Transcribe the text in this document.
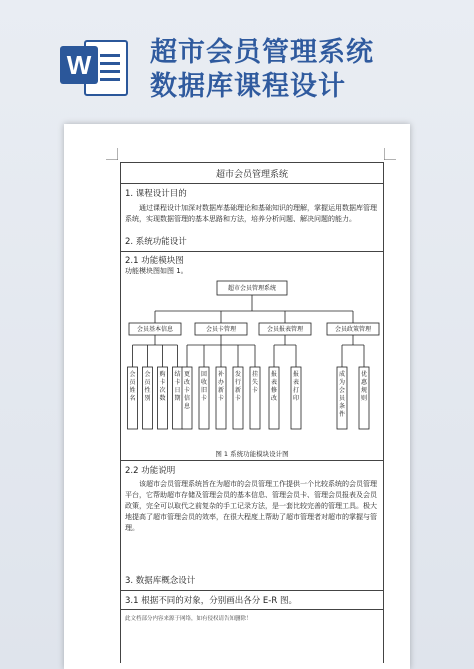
W 超市会员管理系统
数据库课程设计
超市会员管理系统
1. 课程设计目的
通过课程设计加深对数据库基础理论和基础知识的理解，掌握运用数据库管理系统，实现数据管理的基本思路和方法，培养分析问题、解决问题的能力。
2. 系统功能设计
2.1 功能模块图
功能模块图如图 1。
超市会员管理系统
会员基本信息
会员姓名
会员性别
购卡次数
结卡日期
会员卡管理
更改卡信息
回收旧卡
补办新卡
发行新卡
挂失卡
会员报表管理
报表修改
报表打印
会员政策管理
成为会员条件
优惠规则
图 1 系统功能模块设计图
2.2 功能说明
该超市会员管理系统旨在为超市的会员管理工作提供一个比较系统的会员管理平台，它帮助超市存储及管理会员的基本信息、管理会员卡、管理会员报表及会员政策，完全可以取代之前复杂的手工记录方法，是一套比较完善的管理工具。极大地提高了超市管理会员的效率，在很大程度上帮助了超市管理者对超市的掌握与管理。
3. 数据库概念设计
3.1 根据不同的对象，分别画出各分 E-R 图。
此文档部分内容来源于网络，如有侵权请告知删除！
